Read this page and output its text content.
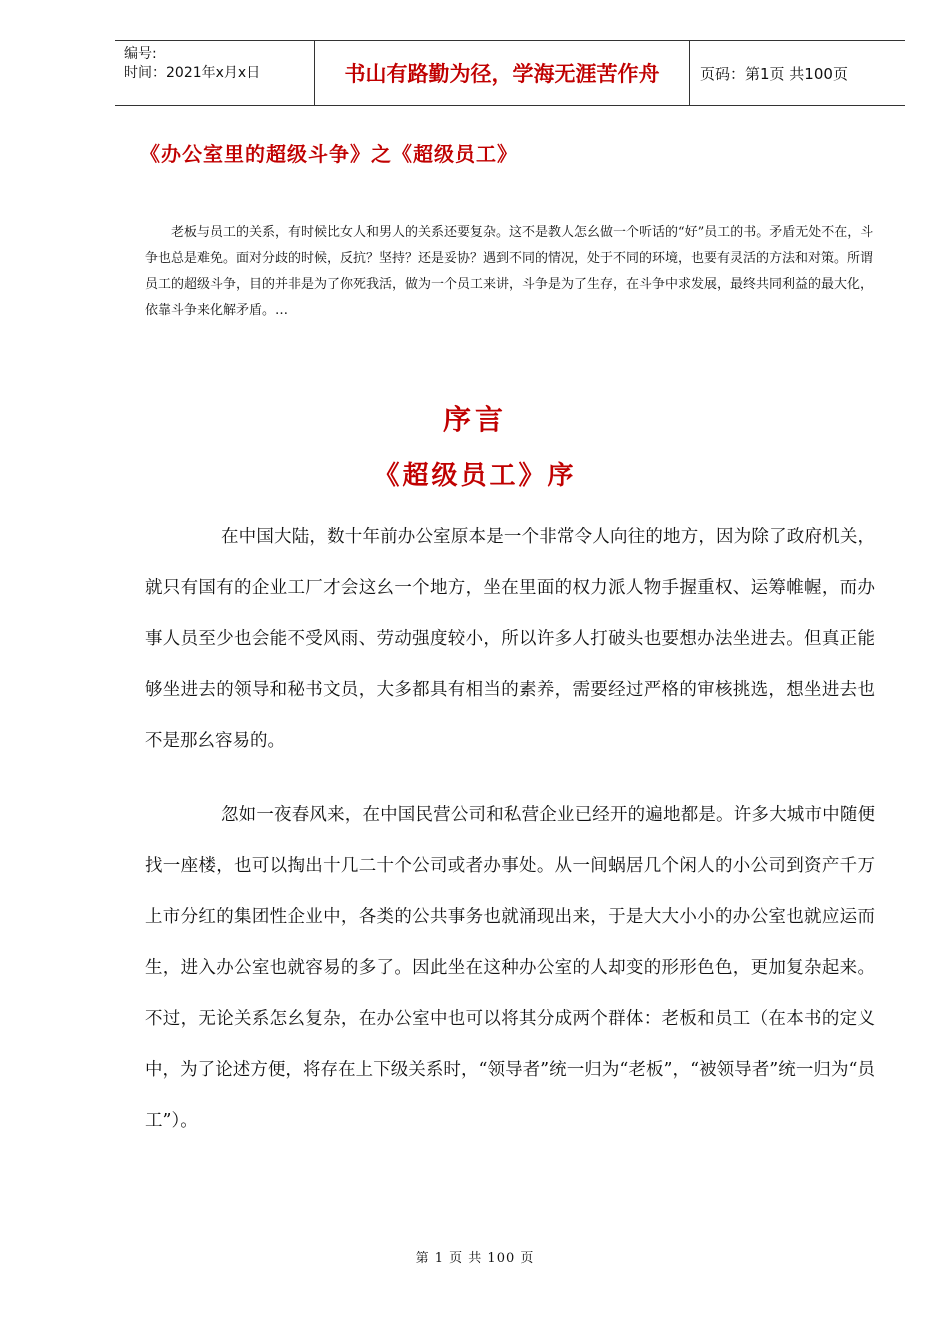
编号:
时间：2021年x月x日	书山有路勤为径，学海无涯苦作舟	页码：第1页 共100页
《办公室里的超级斗争》之《超级员工》

老板与员工的关系，有时候比女人和男人的关系还要复杂。这不是教人怎幺做一个听话的“好”员工的书。矛盾无处不在，斗争也总是难免。面对分歧的时候，反抗？坚持？还是妥协？遇到不同的情况，处于不同的环境，也要有灵活的方法和对策。所谓员工的超级斗争，目的并非是为了你死我活，做为一个员工来讲，斗争是为了生存，在斗争中求发展，最终共同利益的最大化，依靠斗争来化解矛盾。…

序言
《超级员工》序

在中国大陆，数十年前办公室原本是一个非常令人向往的地方，因为除了政府机关，就只有国有的企业工厂才会这幺一个地方，坐在里面的权力派人物手握重权、运筹帷幄，而办事人员至少也会能不受风雨、劳动强度较小，所以许多人打破头也要想办法坐进去。但真正能够坐进去的领导和秘书文员，大多都具有相当的素养，需要经过严格的审核挑选，想坐进去也不是那幺容易的。

忽如一夜春风来，在中国民营公司和私营企业已经开的遍地都是。许多大城市中随便找一座楼，也可以掏出十几二十个公司或者办事处。从一间蜗居几个闲人的小公司到资产千万上市分红的集团性企业中，各类的公共事务也就涌现出来，于是大大小小的办公室也就应运而生，进入办公室也就容易的多了。因此坐在这种办公室的人却变的形形色色，更加复杂起来。不过，无论关系怎幺复杂，在办公室中也可以将其分成两个群体：老板和员工（在本书的定义中，为了论述方便，将存在上下级关系时，“领导者”统一归为“老板”，“被领导者”统一归为“员工”）。

第 1 页 共 100 页
